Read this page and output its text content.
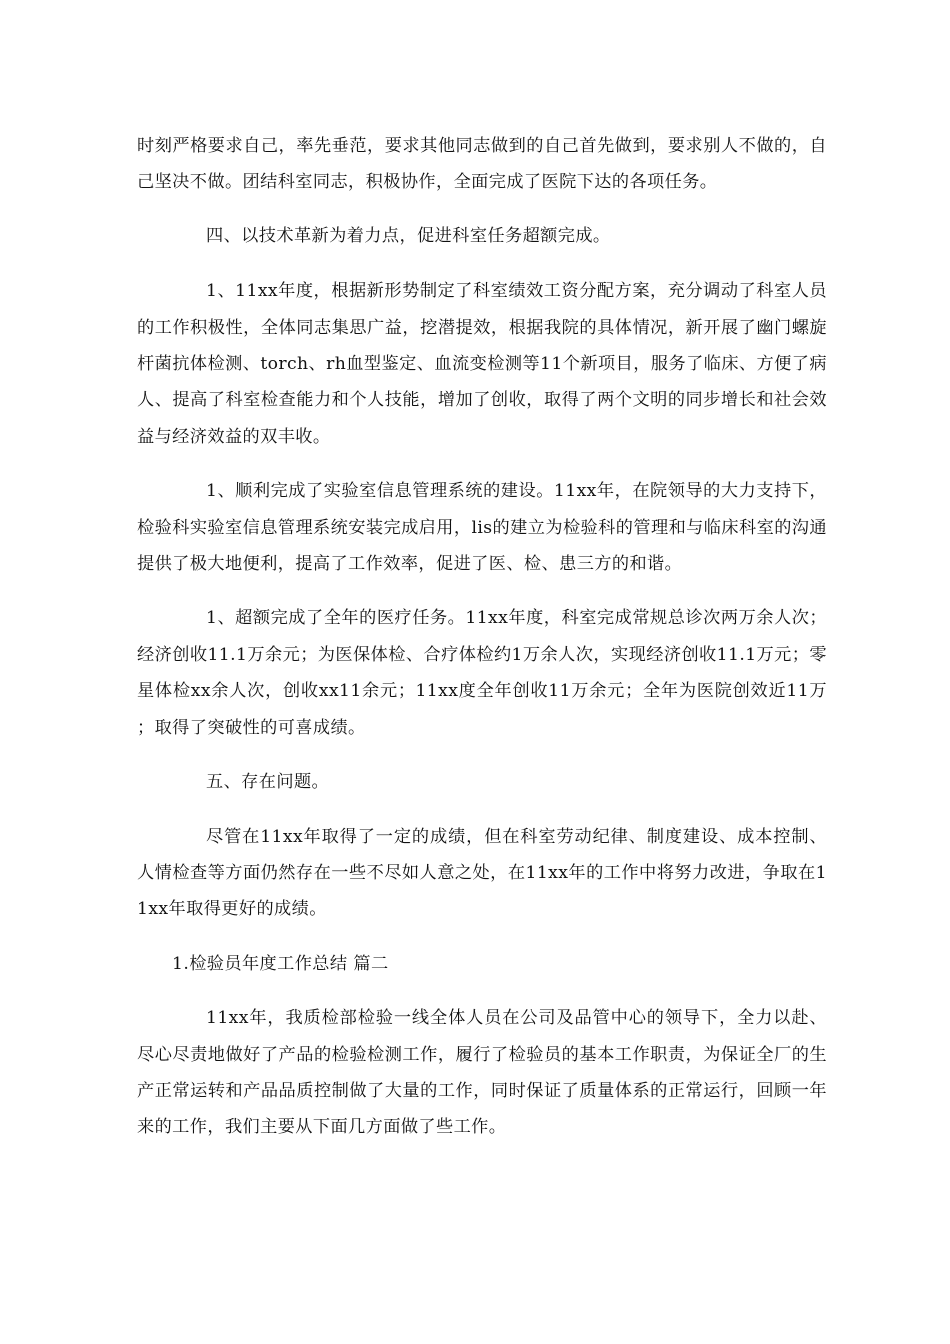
时刻严格要求自己，率先垂范，要求其他同志做到的自己首先做到，要求别人不做的，自己坚决不做。团结科室同志，积极协作，全面完成了医院下达的各项任务。

四、以技术革新为着力点，促进科室任务超额完成。

1、11xx年度，根据新形势制定了科室绩效工资分配方案，充分调动了科室人员的工作积极性，全体同志集思广益，挖潜提效，根据我院的具体情况，新开展了幽门螺旋杆菌抗体检测、torch、rh血型鉴定、血流变检测等11个新项目，服务了临床、方便了病人、提高了科室检查能力和个人技能，增加了创收，取得了两个文明的同步增长和社会效益与经济效益的双丰收。

1、顺利完成了实验室信息管理系统的建设。11xx年，在院领导的大力支持下，检验科实验室信息管理系统安装完成启用，lis的建立为检验科的管理和与临床科室的沟通提供了极大地便利，提高了工作效率，促进了医、检、患三方的和谐。

1、超额完成了全年的医疗任务。11xx年度，科室完成常规总诊次两万余人次；经济创收11.1万余元；为医保体检、合疗体检约1万余人次，实现经济创收11.1万元；零星体检xx余人次，创收xx11余元；11xx度全年创收11万余元；全年为医院创效近11万；取得了突破性的可喜成绩。

五、存在问题。

尽管在11xx年取得了一定的成绩，但在科室劳动纪律、制度建设、成本控制、人情检查等方面仍然存在一些不尽如人意之处，在11xx年的工作中将努力改进，争取在11xx年取得更好的成绩。

1.检验员年度工作总结 篇二

11xx年，我质检部检验一线全体人员在公司及品管中心的领导下，全力以赴、尽心尽责地做好了产品的检验检测工作，履行了检验员的基本工作职责，为保证全厂的生产正常运转和产品品质控制做了大量的工作，同时保证了质量体系的正常运行，回顾一年来的工作，我们主要从下面几方面做了些工作。
